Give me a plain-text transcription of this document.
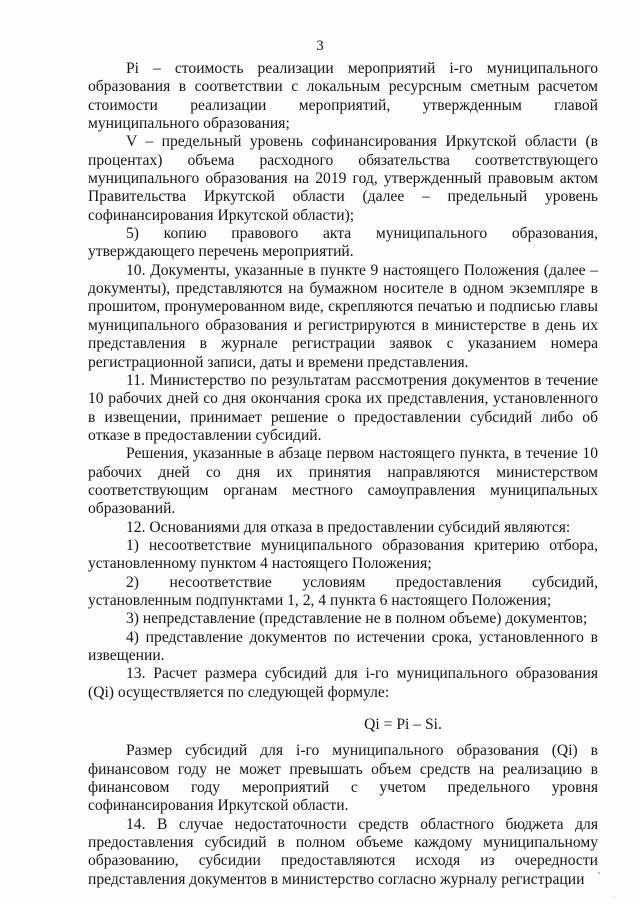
3

Pi – стоимость реализации мероприятий i-го муниципального образования в соответствии с локальным ресурсным сметным расчетом стоимости реализации мероприятий, утвержденным главой муниципального образования;

V – предельный уровень софинансирования Иркутской области (в процентах) объема расходного обязательства соответствующего муниципального образования на 2019 год, утвержденный правовым актом Правительства Иркутской области (далее – предельный уровень софинансирования Иркутской области);

5) копию правового акта муниципального образования, утверждающего перечень мероприятий.

10. Документы, указанные в пункте 9 настоящего Положения (далее – документы), представляются на бумажном носителе в одном экземпляре в прошитом, пронумерованном виде, скрепляются печатью и подписью главы муниципального образования и регистрируются в министерстве в день их представления в журнале регистрации заявок с указанием номера регистрационной записи, даты и времени представления.

11. Министерство по результатам рассмотрения документов в течение 10 рабочих дней со дня окончания срока их представления, установленного в извещении, принимает решение о предоставлении субсидий либо об отказе в предоставлении субсидий.

Решения, указанные в абзаце первом настоящего пункта, в течение 10 рабочих дней со дня их принятия направляются министерством соответствующим органам местного самоуправления муниципальных образований.

12. Основаниями для отказа в предоставлении субсидий являются:

1) несоответствие муниципального образования критерию отбора, установленному пунктом 4 настоящего Положения;

2) несоответствие условиям предоставления субсидий, установленным подпунктами 1, 2, 4 пункта 6 настоящего Положения;

3) непредставление (представление не в полном объеме) документов;

4) представление документов по истечении срока, установленного в извещении.

13. Расчет размера субсидий для i-го муниципального образования (Qi) осуществляется по следующей формуле:

Qi = Pi – Si.

Размер субсидий для i-го муниципального образования (Qi) в финансовом году не может превышать объем средств на реализацию в финансовом году мероприятий с учетом предельного уровня софинансирования Иркутской области.

14. В случае недостаточности средств областного бюджета для предоставления субсидий в полном объеме каждому муниципальному образованию, субсидии предоставляются исходя из очередности представления документов в министерство согласно журналу регистрации
